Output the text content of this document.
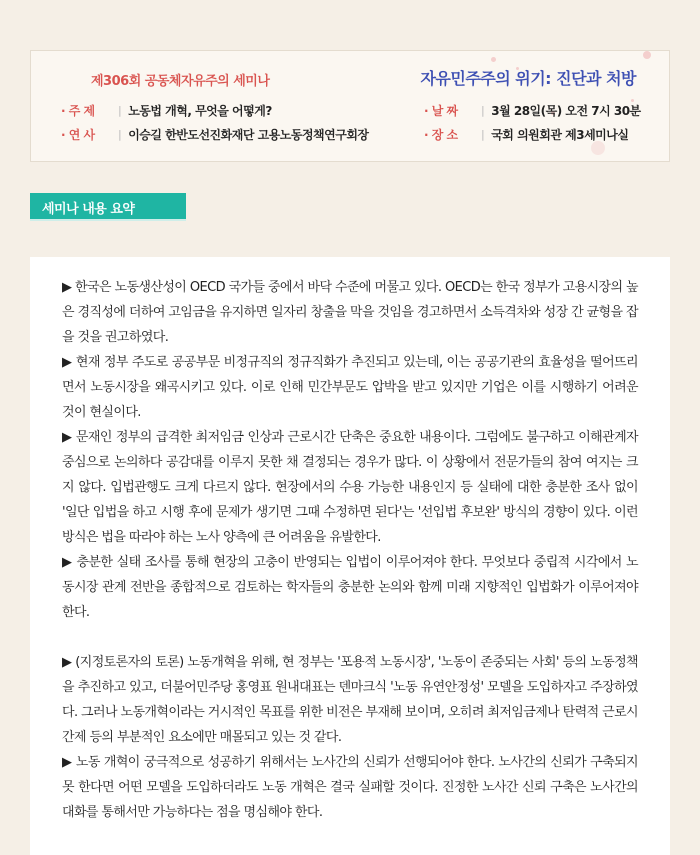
제306회 공동체자유주의 세미나	자유민주주의 위기: 진단과 처방
· 주 제	| 노동법 개혁, 무엇을 어떻게?
· 연 사	| 이승길 한반도선진화재단 고용노동정책연구회장
· 날 짜	| 3월 28일(목) 오전 7시 30분
· 장 소	| 국회 의원회관 제3세미나실
세미나 내용 요약

▶ 한국은 노동생산성이 OECD 국가들 중에서 바닥 수준에 머물고 있다. OECD는 한국 정부가 고용시장의 높은 경직성에 더하여 고임금을 유지하면 일자리 창출을 막을 것임을 경고하면서 소득격차와 성장 간 균형을 잡을 것을 권고하였다.

▶ 현재 정부 주도로 공공부문 비정규직의 정규직화가 추진되고 있는데, 이는 공공기관의 효율성을 떨어뜨리면서 노동시장을 왜곡시키고 있다. 이로 인해 민간부문도 압박을 받고 있지만 기업은 이를 시행하기 어려운 것이 현실이다.

▶ 문재인 정부의 급격한 최저임금 인상과 근로시간 단축은 중요한 내용이다. 그럼에도 불구하고 이해관계자 중심으로 논의하다 공감대를 이루지 못한 채 결정되는 경우가 많다. 이 상황에서 전문가들의 참여 여지는 크지 않다. 입법관행도 크게 다르지 않다. 현장에서의 수용 가능한 내용인지 등 실태에 대한 충분한 조사 없이 '일단 입법을 하고 시행 후에 문제가 생기면 그때 수정하면 된다'는 '선입법 후보완' 방식의 경향이 있다. 이런 방식은 법을 따라야 하는 노사 양측에 큰 어려움을 유발한다.

▶ 충분한 실태 조사를 통해 현장의 고충이 반영되는 입법이 이루어져야 한다. 무엇보다 중립적 시각에서 노동시장 관계 전반을 종합적으로 검토하는 학자들의 충분한 논의와 함께 미래 지향적인 입법화가 이루어져야 한다.

▶ (지정토론자의 토론) 노동개혁을 위해, 현 정부는 '포용적 노동시장', '노동이 존중되는 사회' 등의 노동정책을 추진하고 있고, 더불어민주당 홍영표 원내대표는 덴마크식 '노동 유연안정성' 모델을 도입하자고 주장하였다. 그러나 노동개혁이라는 거시적인 목표를 위한 비전은 부재해 보이며, 오히려 최저임금제나 탄력적 근로시간제 등의 부분적인 요소에만 매몰되고 있는 것 같다.

▶ 노동 개혁이 궁극적으로 성공하기 위해서는 노사간의 신뢰가 선행되어야 한다. 노사간의 신뢰가 구축되지 못 한다면 어떤 모델을 도입하더라도 노동 개혁은 결국 실패할 것이다. 진정한 노사간 신뢰 구축은 노사간의 대화를 통해서만 가능하다는 점을 명심해야 한다.
